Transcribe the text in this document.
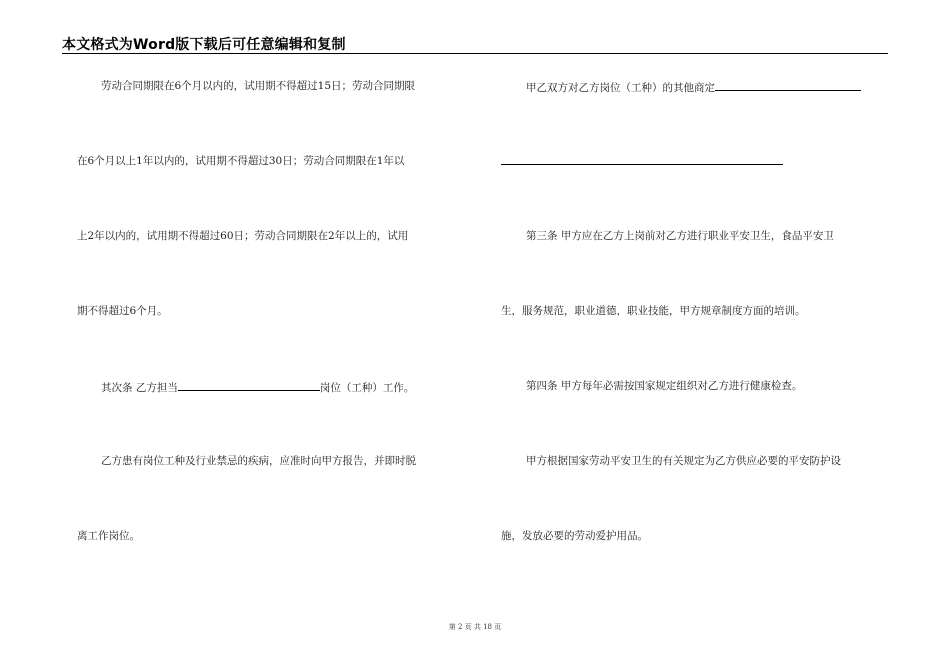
本文格式为Word版下载后可任意编辑和复制
劳动合同期限在6个月以内的，试用期不得超过15日；劳动合同期限
在6个月以上1年以内的，试用期不得超过30日；劳动合同期限在1年以
上2年以内的，试用期不得超过60日；劳动合同期限在2年以上的，试用
期不得超过6个月。
其次条 乙方担当	岗位（工种）工作。
乙方患有岗位工种及行业禁忌的疾病，应准时向甲方报告，并即时脱
离工作岗位。
甲乙双方对乙方岗位（工种）的其他商定
第三条 甲方应在乙方上岗前对乙方进行职业平安卫生，食品平安卫
生，服务规范，职业道德，职业技能，甲方规章制度方面的培训。
第四条 甲方每年必需按国家规定组织对乙方进行健康检查。
甲方根据国家劳动平安卫生的有关规定为乙方供应必要的平安防护设
施，发放必要的劳动爱护用品。
第 2 页 共 18 页
